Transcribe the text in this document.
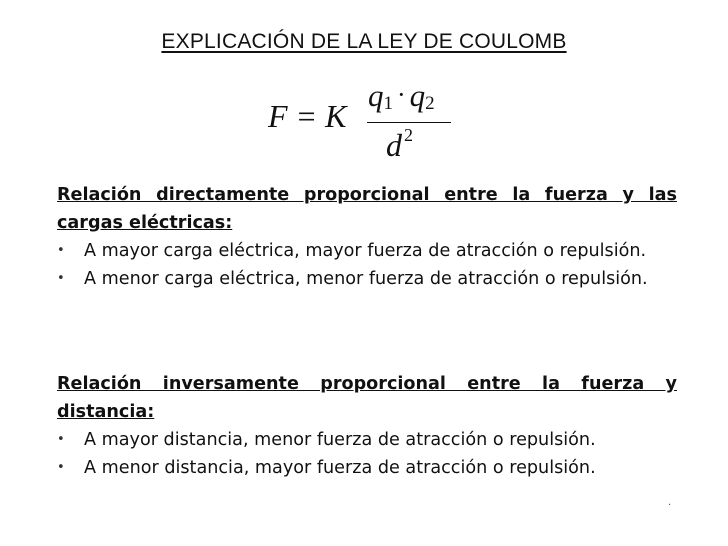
EXPLICACIÓN DE LA LEY DE COULOMB
F = K
$q_1 \cdot q_2$
d $^2$
Relación directamente proporcional entre la fuerza y las cargas eléctricas:
• A mayor carga eléctrica, mayor fuerza de atracción o repulsión.
• A menor carga eléctrica, menor fuerza de atracción o repulsión.
Relación inversamente proporcional entre la fuerza y distancia:
• A mayor distancia, menor fuerza de atracción o repulsión.
• A menor distancia, mayor fuerza de atracción o repulsión.
.
